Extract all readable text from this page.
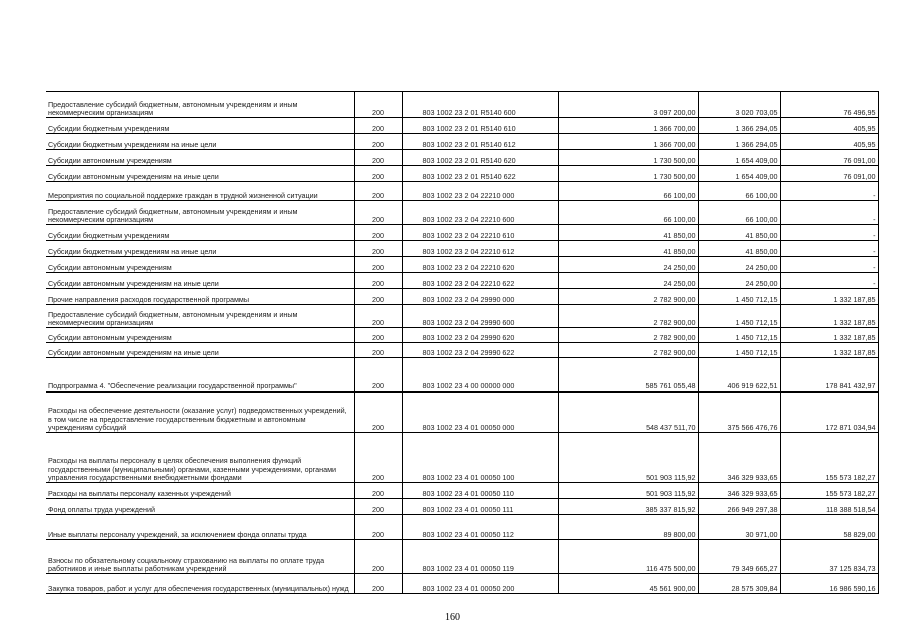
Предоставление субсидий бюджетным, автономным учреждениям и иным некоммерческим организациям	200	803 1002 23 2 01 R5140 600	3 097 200,00	3 020 703,05	76 496,95
Субсидии бюджетным учреждениям	200	803 1002 23 2 01 R5140 610	1 366 700,00	1 366 294,05	405,95
Субсидии бюджетным учреждениям на иные цели	200	803 1002 23 2 01 R5140 612	1 366 700,00	1 366 294,05	405,95
Субсидии автономным учреждениям	200	803 1002 23 2 01 R5140 620	1 730 500,00	1 654 409,00	76 091,00
Субсидии автономным учреждениям на иные цели	200	803 1002 23 2 01 R5140 622	1 730 500,00	1 654 409,00	76 091,00
Мероприятия по социальной поддержке граждан в трудной жизненной ситуации	200	803 1002 23 2 04 22210 000	66 100,00	66 100,00	-
Предоставление субсидий бюджетным, автономным учреждениям и иным некоммерческим организациям	200	803 1002 23 2 04 22210 600	66 100,00	66 100,00	-
Субсидии бюджетным учреждениям	200	803 1002 23 2 04 22210 610	41 850,00	41 850,00	-
Субсидии бюджетным учреждениям на иные цели	200	803 1002 23 2 04 22210 612	41 850,00	41 850,00	-
Субсидии автономным учреждениям	200	803 1002 23 2 04 22210 620	24 250,00	24 250,00	-
Субсидии автономным учреждениям на иные цели	200	803 1002 23 2 04 22210 622	24 250,00	24 250,00	-
Прочие направления расходов государственной программы	200	803 1002 23 2 04 29990 000	2 782 900,00	1 450 712,15	1 332 187,85
Предоставление субсидий бюджетным, автономным учреждениям и иным некоммерческим организациям	200	803 1002 23 2 04 29990 600	2 782 900,00	1 450 712,15	1 332 187,85
Субсидии автономным учреждениям	200	803 1002 23 2 04 29990 620	2 782 900,00	1 450 712,15	1 332 187,85
Субсидии автономным учреждениям на иные цели	200	803 1002 23 2 04 29990 622	2 782 900,00	1 450 712,15	1 332 187,85
Подпрограмма 4. "Обеспечение реализации государственной программы"	200	803 1002 23 4 00 00000 000	585 761 055,48	406 919 622,51	178 841 432,97
Расходы на обеспечение деятельности (оказание услуг) подведомственных учреждений, в том числе на предоставление государственным бюджетным и автономным учреждениям субсидий	200	803 1002 23 4 01 00050 000	548 437 511,70	375 566 476,76	172 871 034,94
Расходы на выплаты персоналу в целях обеспечения выполнения функций государственными (муниципальными) органами, казенными учреждениями, органами управления государственными внебюджетными фондами	200	803 1002 23 4 01 00050 100	501 903 115,92	346 329 933,65	155 573 182,27
Расходы на выплаты персоналу казенных учреждений	200	803 1002 23 4 01 00050 110	501 903 115,92	346 329 933,65	155 573 182,27
Фонд оплаты труда учреждений	200	803 1002 23 4 01 00050 111	385 337 815,92	266 949 297,38	118 388 518,54
Иные выплаты персоналу учреждений, за исключением фонда оплаты труда	200	803 1002 23 4 01 00050 112	89 800,00	30 971,00	58 829,00
Взносы по обязательному социальному страхованию на выплаты по оплате труда работников и иные выплаты работникам учреждений	200	803 1002 23 4 01 00050 119	116 475 500,00	79 349 665,27	37 125 834,73
Закупка товаров, работ и услуг для обеспечения государственных (муниципальных) нужд	200	803 1002 23 4 01 00050 200	45 561 900,00	28 575 309,84	16 986 590,16
160
